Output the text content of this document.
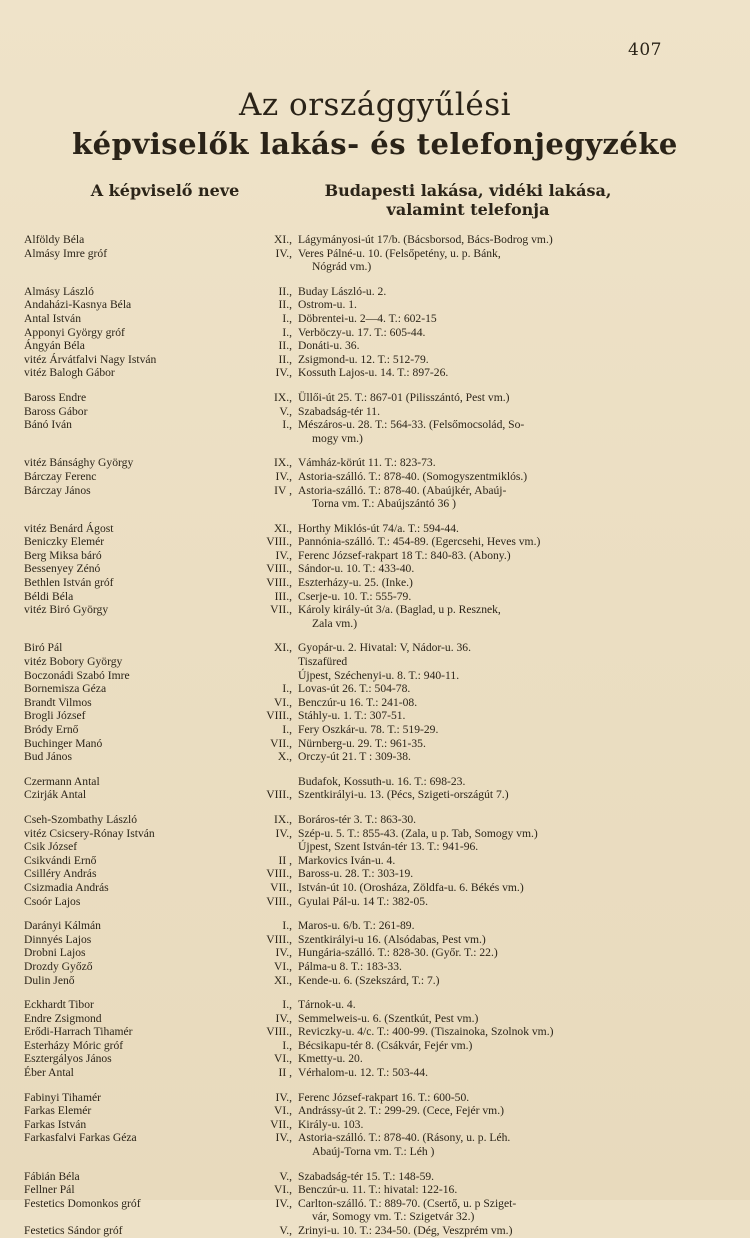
407
Az országgyűlési
képviselők lakás- és telefonjegyzéke
A képviselő neve	Budapesti lakása, vidéki lakása,
valamint telefonja
Alföldy Béla	XI., Lágymányosi-út 17/b. (Bácsborsod, Bács-Bodrog vm.)
Almásy Imre gróf	IV., Veres Pálné-u. 10. (Felsőpetény, u. p. Bánk,
Nógrád vm.)
Almásy László	II., Buday László-u. 2.
Andaházi-Kasnya Béla	II., Ostrom-u. 1.
Antal István	I., Döbrentei-u. 2—4. T.: 602-15
Apponyi György gróf	I., Verböczy-u. 17. T.: 605-44.
Ángyán Béla	II., Donáti-u. 36.
vitéz Árvátfalvi Nagy István	II., Zsigmond-u. 12. T.: 512-79.
vitéz Balogh Gábor	IV., Kossuth Lajos-u. 14. T.: 897-26.
Baross Endre	IX., Üllői-út 25. T.: 867-01 (Pilisszántó, Pest vm.)
Baross Gábor	V., Szabadság-tér 11.
Bánó Iván	I., Mészáros-u. 28. T.: 564-33. (Felsőmocsolád, So-
mogy vm.)
vitéz Bánsághy György	IX., Vámház-körút 11. T.: 823-73.
Bárczay Ferenc	IV., Astoria-szálló. T.: 878-40. (Somogyszentmiklós.)
Bárczay János	IV , Astoria-szálló. T.: 878-40. (Abaújkér, Abaúj-
Torna vm. T.: Abaújszántó 36 )
vitéz Benárd Ágost	XI., Horthy Miklós-út 74/a. T.: 594-44.
Beniczky Elemér	VIII., Pannónia-szálló. T.: 454-89. (Egercsehi, Heves vm.)
Berg Miksa báró	IV., Ferenc József-rakpart 18 T.: 840-83. (Abony.)
Bessenyey Zénó	VIII., Sándor-u. 10. T.: 433-40.
Bethlen István gróf	VIII., Eszterházy-u. 25. (Inke.)
Béldi Béla	III., Cserje-u. 10. T.: 555-79.
vitéz Biró György	VII., Károly király-út 3/a. (Baglad, u p. Resznek,
Zala vm.)
Biró Pál	XI., Gyopár-u. 2. Hivatal: V, Nádor-u. 36.
vitéz Bobory György	Tiszafüred
Boczonádi Szabó Imre	Újpest, Széchenyi-u. 8. T.: 940-11.
Bornemisza Géza	I., Lovas-út 26. T.: 504-78.
Brandt Vilmos	VI., Benczúr-u 16. T.: 241-08.
Brogli József	VIII., Stáhly-u. 1. T.: 307-51.
Bródy Ernő	I., Fery Oszkár-u. 78. T.: 519-29.
Buchinger Manó	VII., Nürnberg-u. 29. T.: 961-35.
Bud János	X., Orczy-út 21. T : 309-38.
Czermann Antal	Budafok, Kossuth-u. 16. T.: 698-23.
Czirják Antal	VIII., Szentkirályi-u. 13. (Pécs, Szigeti-országút 7.)
Cseh-Szombathy László	IX., Boráros-tér 3. T.: 863-30.
vitéz Csicsery-Rónay István	IV., Szép-u. 5. T.: 855-43. (Zala, u p. Tab, Somogy vm.)
Csik József	Újpest, Szent István-tér 13. T.: 941-96.
Csikvándi Ernő	II , Markovics Iván-u. 4.
Csilléry András	VIII., Baross-u. 28. T.: 303-19.
Csizmadia András	VII., István-út 10. (Orosháza, Zöldfa-u. 6. Békés vm.)
Csoór Lajos	VIII., Gyulai Pál-u. 14 T.: 382-05.
Darányi Kálmán	I., Maros-u. 6/b. T.: 261-89.
Dinnyés Lajos	VIII., Szentkirályi-u 16. (Alsódabas, Pest vm.)
Drobni Lajos	IV., Hungária-szálló. T.: 828-30. (Győr. T.: 22.)
Drozdy Győző	VI., Pálma-u 8. T.: 183-33.
Dulin Jenő	XI., Kende-u. 6. (Szekszárd, T.: 7.)
Eckhardt Tibor	I., Tárnok-u. 4.
Endre Zsigmond	IV., Semmelweis-u. 6. (Szentkút, Pest vm.)
Erődi-Harrach Tihamér	VIII., Reviczky-u. 4/c. T.: 400-99. (Tiszainoka, Szolnok vm.)
Esterházy Móric gróf	I., Bécsikapu-tér 8. (Csákvár, Fejér vm.)
Esztergályos János	VI., Kmetty-u. 20.
Éber Antal	II , Vérhalom-u. 12. T.: 503-44.
Fabinyi Tihamér	IV., Ferenc József-rakpart 16. T.: 600-50.
Farkas Elemér	VI., Andrássy-út 2. T.: 299-29. (Cece, Fejér vm.)
Farkas István	VII., Király-u. 103.
Farkasfalvi Farkas Géza	IV., Astoria-szálló. T.: 878-40. (Rásony, u. p. Léh.
Abaúj-Torna vm. T.: Léh )
Fábián Béla	V., Szabadság-tér 15. T.: 148-59.
Fellner Pál	VI., Benczúr-u. 11. T.: hivatal: 122-16.
Festetics Domonkos gróf	IV., Carlton-szálló. T.: 889-70. (Csertő, u. p Sziget-
vár, Somogy vm. T.: Szigetvár 32.)
Festetics Sándor gróf	V., Zrinyi-u. 10. T.: 234-50. (Dég, Veszprém vm.)
